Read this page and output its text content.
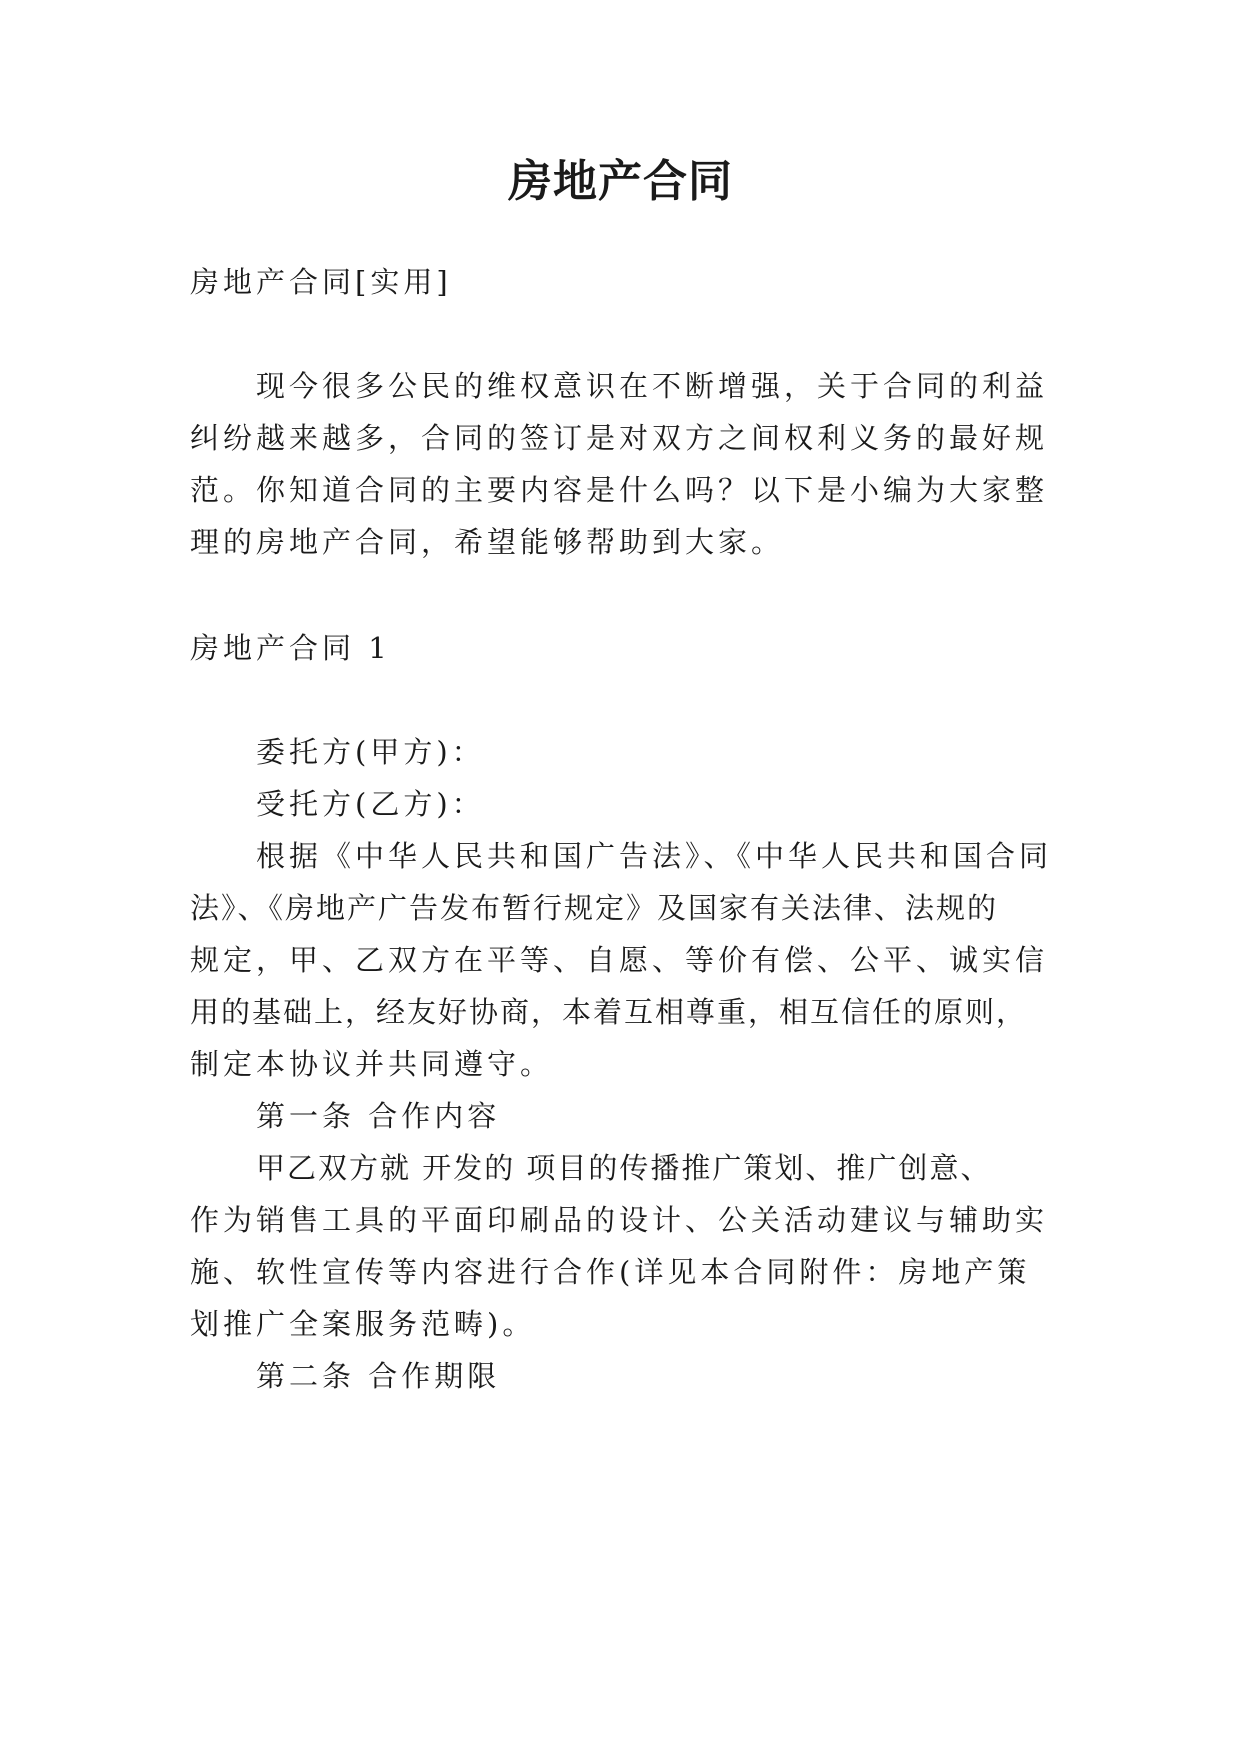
房地产合同

房地产合同[实用]

现今很多公民的维权意识在不断增强，关于合同的利益

纠纷越来越多，合同的签订是对双方之间权利义务的最好规

范。你知道合同的主要内容是什么吗？以下是小编为大家整

理的房地产合同，希望能够帮助到大家。

房地产合同 1

委托方(甲方)：

受托方(乙方)：

根据《中华人民共和国广告法》、《中华人民共和国合同

法》、《房地产广告发布暂行规定》及国家有关法律、法规的

规定，甲、乙双方在平等、自愿、等价有偿、公平、诚实信

用的基础上，经友好协商，本着互相尊重，相互信任的原则，

制定本协议并共同遵守。

第一条 合作内容

甲乙双方就 开发的 项目的传播推广策划、推广创意、

作为销售工具的平面印刷品的设计、公关活动建议与辅助实

施、软性宣传等内容进行合作(详见本合同附件：房地产策

划推广全案服务范畴)。

第二条 合作期限
